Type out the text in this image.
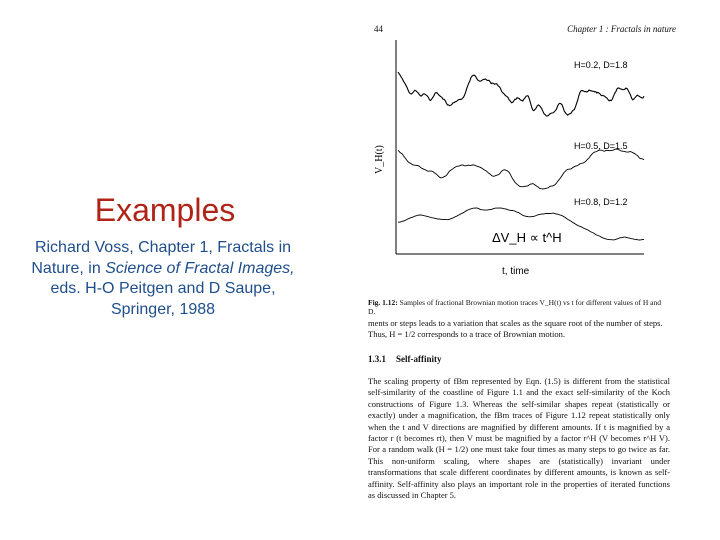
Examples
Richard Voss, Chapter 1, Fractals in Nature, in Science of Fractal Images, eds. H-O Peitgen and D Saupe, Springer, 1988
44	Chapter 1 : Fractals in nature
V_H(t)
t, time
ΔV_H ∝ t^H
H=0.2, D=1.8
H=0.5, D=1.5
H=0.8, D=1.2
Fig. 1.12: Samples of fractional Brownian motion traces V_H(t) vs t for different values of H and D.
ments or steps leads to a variation that scales as the square root of the number of steps. Thus, H = 1/2 corresponds to a trace of Brownian motion.
1.3.1 Self-affinity
The scaling property of fBm represented by Eqn. (1.5) is different from the statistical self-similarity of the coastline of Figure 1.1 and the exact self-similarity of the Koch constructions of Figure 1.3. Whereas the self-similar shapes repeat (statistically or exactly) under a magnification, the fBm traces of Figure 1.12 repeat statistically only when the t and V directions are magnified by different amounts. If t is magnified by a factor r (t becomes rt), then V must be magnified by a factor r^H (V becomes r^H V). For a random walk (H = 1/2) one must take four times as many steps to go twice as far. This non-uniform scaling, where shapes are (statistically) invariant under transformations that scale different coordinates by different amounts, is known as self-affinity. Self-affinity also plays an important role in the properties of iterated functions as discussed in Chapter 5.
